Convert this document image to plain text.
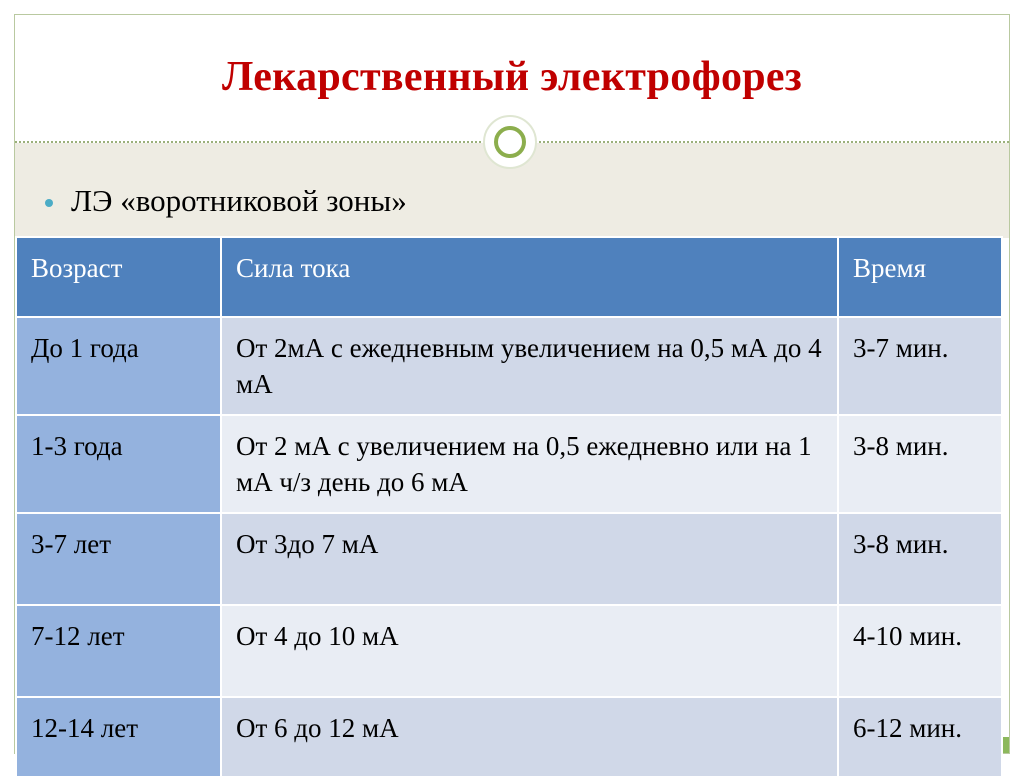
Лекарственный электрофорез
ЛЭ «воротниковой зоны»
Возраст	Сила тока	Время
До 1 года	От 2мА с ежедневным увеличением на 0,5 мА до 4 мА	3-7 мин.
1-3 года	От 2 мА с увеличением на 0,5 ежедневно или на 1 мА ч/з день до 6 мА	3-8 мин.
3-7 лет	От 3до 7 мА	3-8 мин.
7-12 лет	От 4 до 10 мА	4-10 мин.
12-14 лет	От 6 до 12 мА	6-12 мин.
